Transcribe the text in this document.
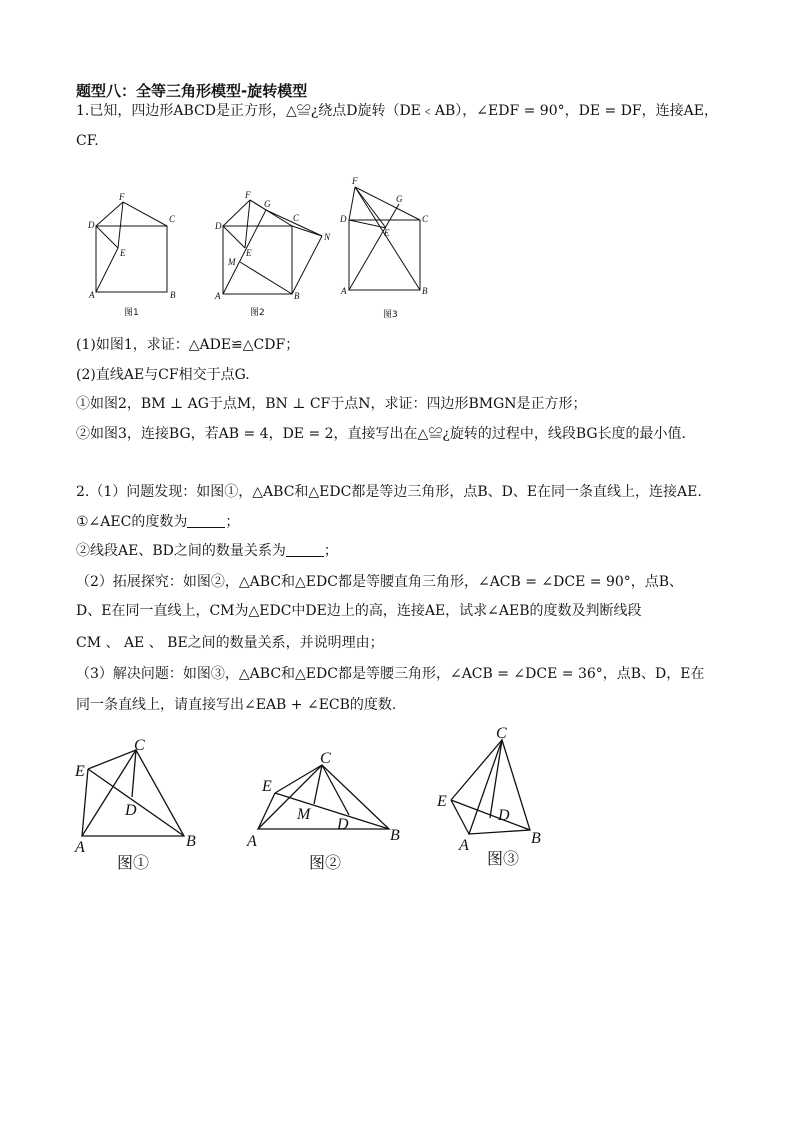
题型八：全等三角形模型-旋转模型
1.已知，四边形ABCD是正方形，△≌¿绕点D旋转（DE﹤AB），∠EDF = 90°，DE = DF，连接AE，
CF.
F
D
C
E
A	B
F
D
G
C
N
M
E
A	B
F
D
G
C
E
A	B
C
E
D
A	B
C
E
M
D
A	B
C
E
D
A	B
图1	图2	图3
(1)如图1，求证：△ADE≌△CDF；
(2)直线AE与CF相交于点G.
①如图2，BM ⊥ AG于点M，BN ⊥ CF于点N，求证：四边形BMGN是正方形；
②如图3，连接BG，若AB = 4，DE = 2，直接写出在△≌¿旋转的过程中，线段BG长度的最小值.
2.（1）问题发现：如图①，△ABC和△EDC都是等边三角形，点B、D、E在同一条直线上，连接AE.
①∠AEC的度数为	；
②线段AE、BD之间的数量关系为	；
（2）拓展探究：如图②，△ABC和△EDC都是等腰直角三角形，∠ACB = ∠DCE = 90°，点B、
D、E在同一直线上，CM为△EDC中DE边上的高，连接AE，试求∠AEB的度数及判断线段
CM 、 AE 、 BE之间的数量关系，并说明理由；
（3）解决问题：如图③，△ABC和△EDC都是等腰三角形，∠ACB = ∠DCE = 36°，点B、D，E在
同一条直线上，请直接写出∠EAB + ∠ECB的度数.
图①	图②	图③
